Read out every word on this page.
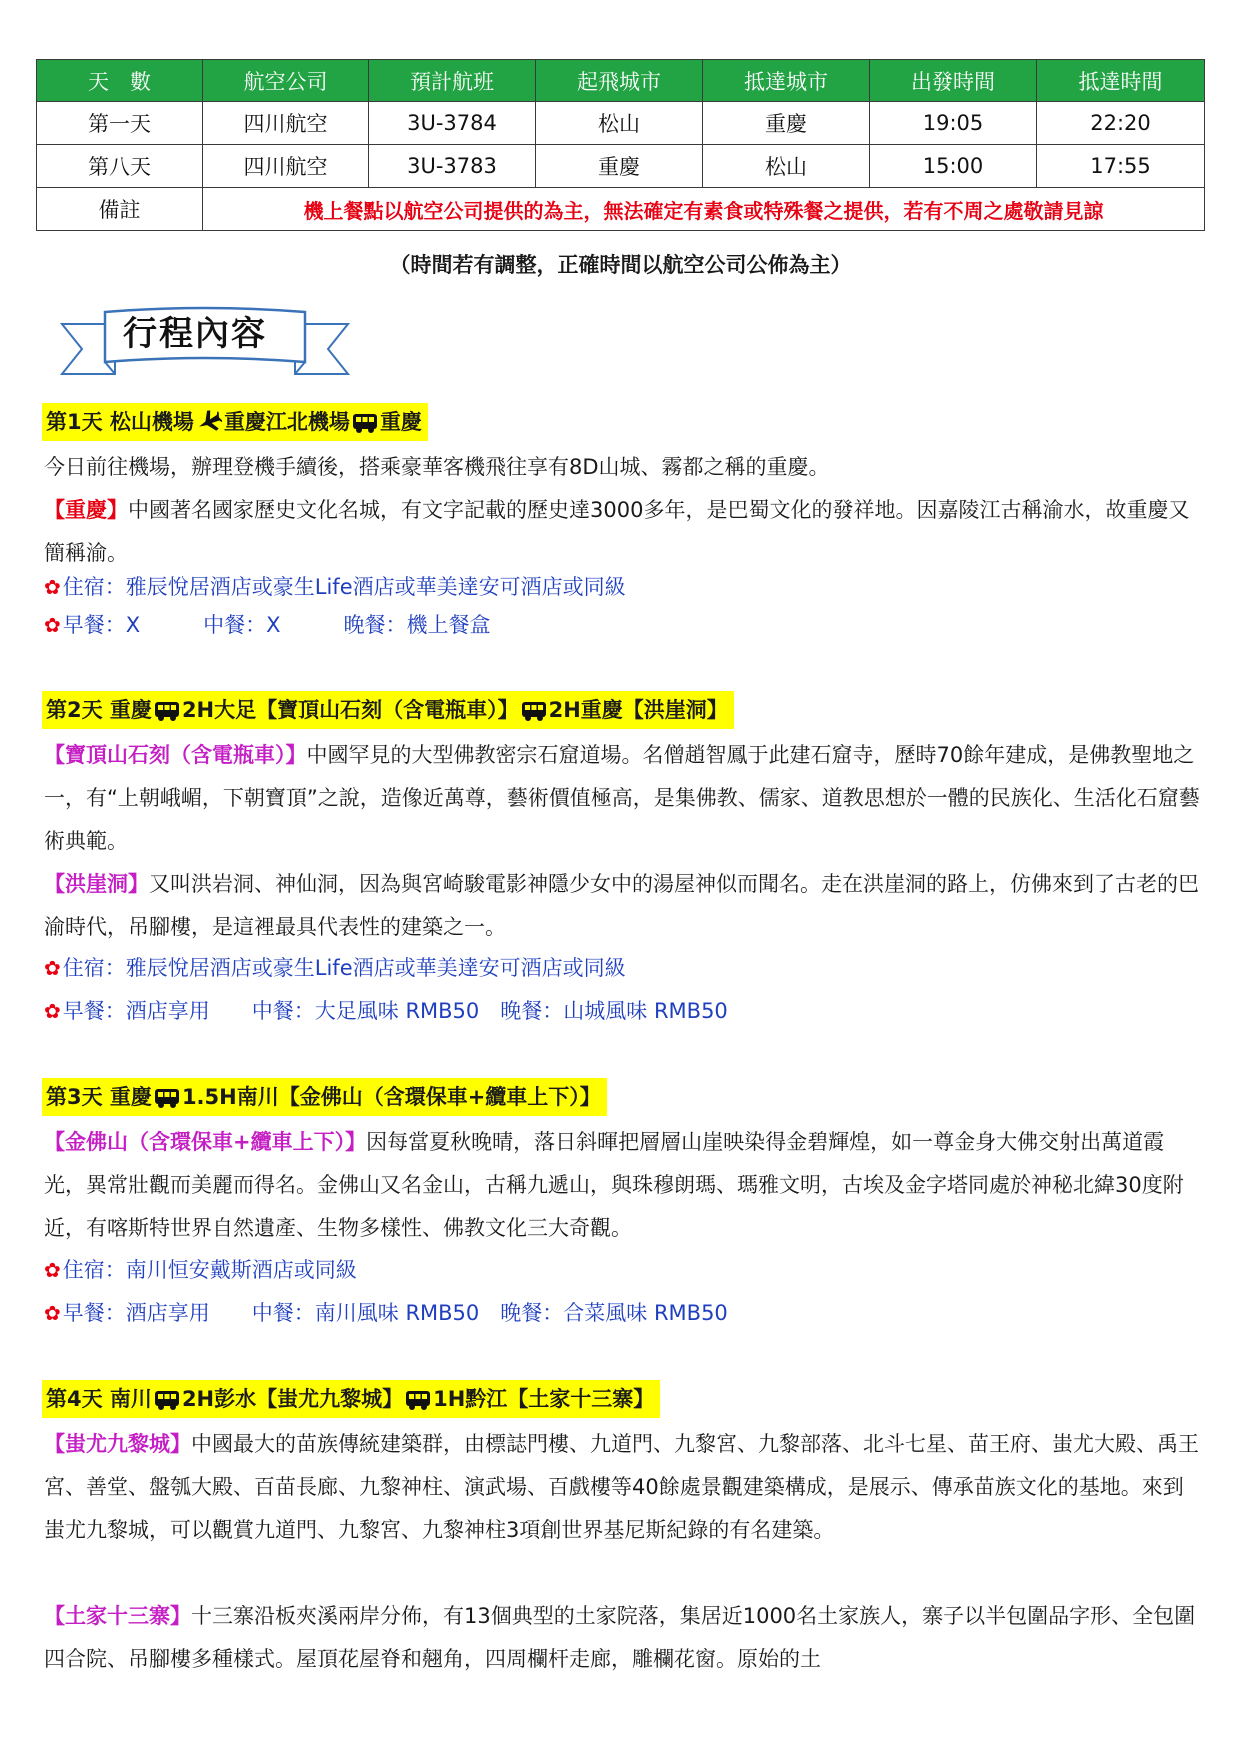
天　數	航空公司	預計航班	起飛城市	抵達城市	出發時間	抵達時間
第一天	四川航空	3U-3784	松山	重慶	19:05	22:20
第八天	四川航空	3U-3783	重慶	松山	15:00	17:55
備註	機上餐點以航空公司提供的為主，無法確定有素食或特殊餐之提供，若有不周之處敬請見諒					
（時間若有調整，正確時間以航空公司公佈為主）
行程內容
第1天 松山機場 重慶江北機場 重慶
今日前往機場，辦理登機手續後，搭乘豪華客機飛往享有8D山城、霧都之稱的重慶。
【重慶】中國著名國家歷史文化名城，有文字記載的歷史達3000多年，是巴蜀文化的發祥地。因嘉陵江古稱渝水，故重慶又簡稱渝。
✿住宿：雅辰悅居酒店或豪生Life酒店或華美達安可酒店或同級
✿早餐：X　　　中餐：X　　　晚餐：機上餐盒
第2天 重慶 2H大足【寶頂山石刻（含電瓶車）】 2H重慶【洪崖洞】
【寶頂山石刻（含電瓶車）】中國罕見的大型佛教密宗石窟道場。名僧趙智鳳于此建石窟寺，歷時70餘年建成，是佛教聖地之一，有“上朝峨嵋，下朝寶頂”之說，造像近萬尊，藝術價值極高，是集佛教、儒家、道教思想於一體的民族化、生活化石窟藝術典範。
【洪崖洞】又叫洪岩洞、神仙洞，因為與宮崎駿電影神隱少女中的湯屋神似而聞名。走在洪崖洞的路上，仿佛來到了古老的巴渝時代，吊腳樓，是這裡最具代表性的建築之一。
✿住宿：雅辰悅居酒店或豪生Life酒店或華美達安可酒店或同級
✿早餐：酒店享用　　中餐：大足風味 RMB50　晚餐：山城風味 RMB50
第3天 重慶 1.5H南川【金佛山（含環保車+纜車上下）】
【金佛山（含環保車+纜車上下）】因每當夏秋晚晴，落日斜暉把層層山崖映染得金碧輝煌，如一尊金身大佛交射出萬道霞光，異常壯觀而美麗而得名。金佛山又名金山，古稱九遞山，與珠穆朗瑪、瑪雅文明，古埃及金字塔同處於神秘北緯30度附近，有喀斯特世界自然遺產、生物多樣性、佛教文化三大奇觀。
✿住宿：南川恒安戴斯酒店或同級
✿早餐：酒店享用　　中餐：南川風味 RMB50　晚餐：合菜風味 RMB50
第4天 南川 2H彭水【蚩尤九黎城】 1H黔江【土家十三寨】
【蚩尤九黎城】中國最大的苗族傳統建築群，由標誌門樓、九道門、九黎宮、九黎部落、北斗七星、苗王府、蚩尤大殿、禹王宮、善堂、盤瓠大殿、百苗長廊、九黎神柱、演武場、百戲樓等40餘處景觀建築構成，是展示、傳承苗族文化的基地。來到蚩尤九黎城，可以觀賞九道門、九黎宮、九黎神柱3項創世界基尼斯紀錄的有名建築。
【土家十三寨】十三寨沿板夾溪兩岸分佈，有13個典型的土家院落，集居近1000名土家族人，寨子以半包圍品字形、全包圍四合院、吊腳樓多種樣式。屋頂花屋脊和翹角，四周欄杆走廊，雕欄花窗。原始的土
